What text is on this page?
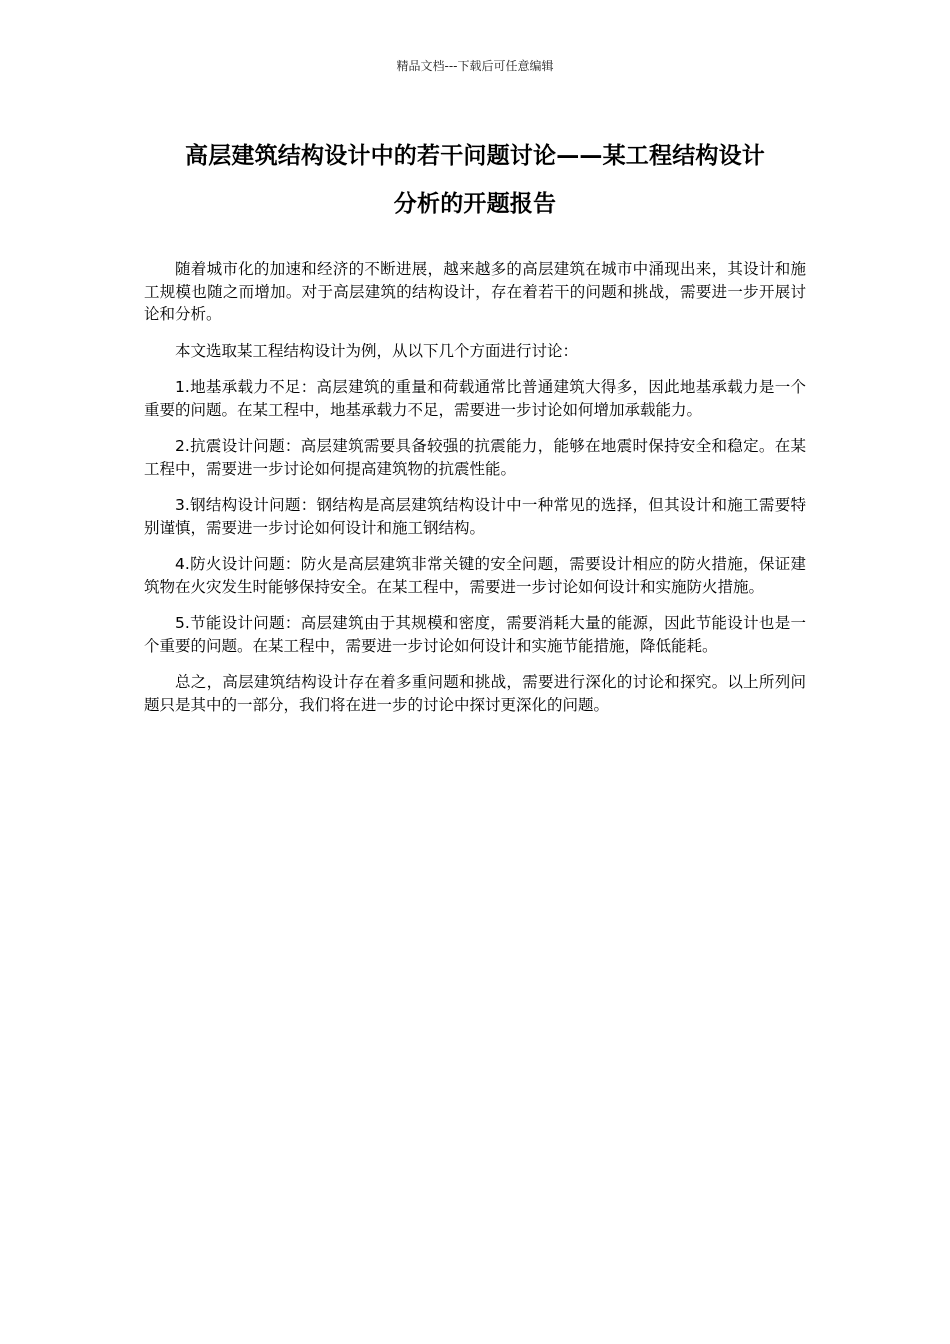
精品文档---下载后可任意编辑
高层建筑结构设计中的若干问题讨论——某工程结构设计
分析的开题报告

随着城市化的加速和经济的不断进展，越来越多的高层建筑在城市中涌现出来，其设计和施工规模也随之而增加。对于高层建筑的结构设计，存在着若干的问题和挑战，需要进一步开展讨论和分析。

本文选取某工程结构设计为例，从以下几个方面进行讨论：

1.地基承载力不足：高层建筑的重量和荷载通常比普通建筑大得多，因此地基承载力是一个重要的问题。在某工程中，地基承载力不足，需要进一步讨论如何增加承载能力。

2.抗震设计问题：高层建筑需要具备较强的抗震能力，能够在地震时保持安全和稳定。在某工程中，需要进一步讨论如何提高建筑物的抗震性能。

3.钢结构设计问题：钢结构是高层建筑结构设计中一种常见的选择，但其设计和施工需要特别谨慎，需要进一步讨论如何设计和施工钢结构。

4.防火设计问题：防火是高层建筑非常关键的安全问题，需要设计相应的防火措施，保证建筑物在火灾发生时能够保持安全。在某工程中，需要进一步讨论如何设计和实施防火措施。

5.节能设计问题：高层建筑由于其规模和密度，需要消耗大量的能源，因此节能设计也是一个重要的问题。在某工程中，需要进一步讨论如何设计和实施节能措施，降低能耗。

总之，高层建筑结构设计存在着多重问题和挑战，需要进行深化的讨论和探究。以上所列问题只是其中的一部分，我们将在进一步的讨论中探讨更深化的问题。
